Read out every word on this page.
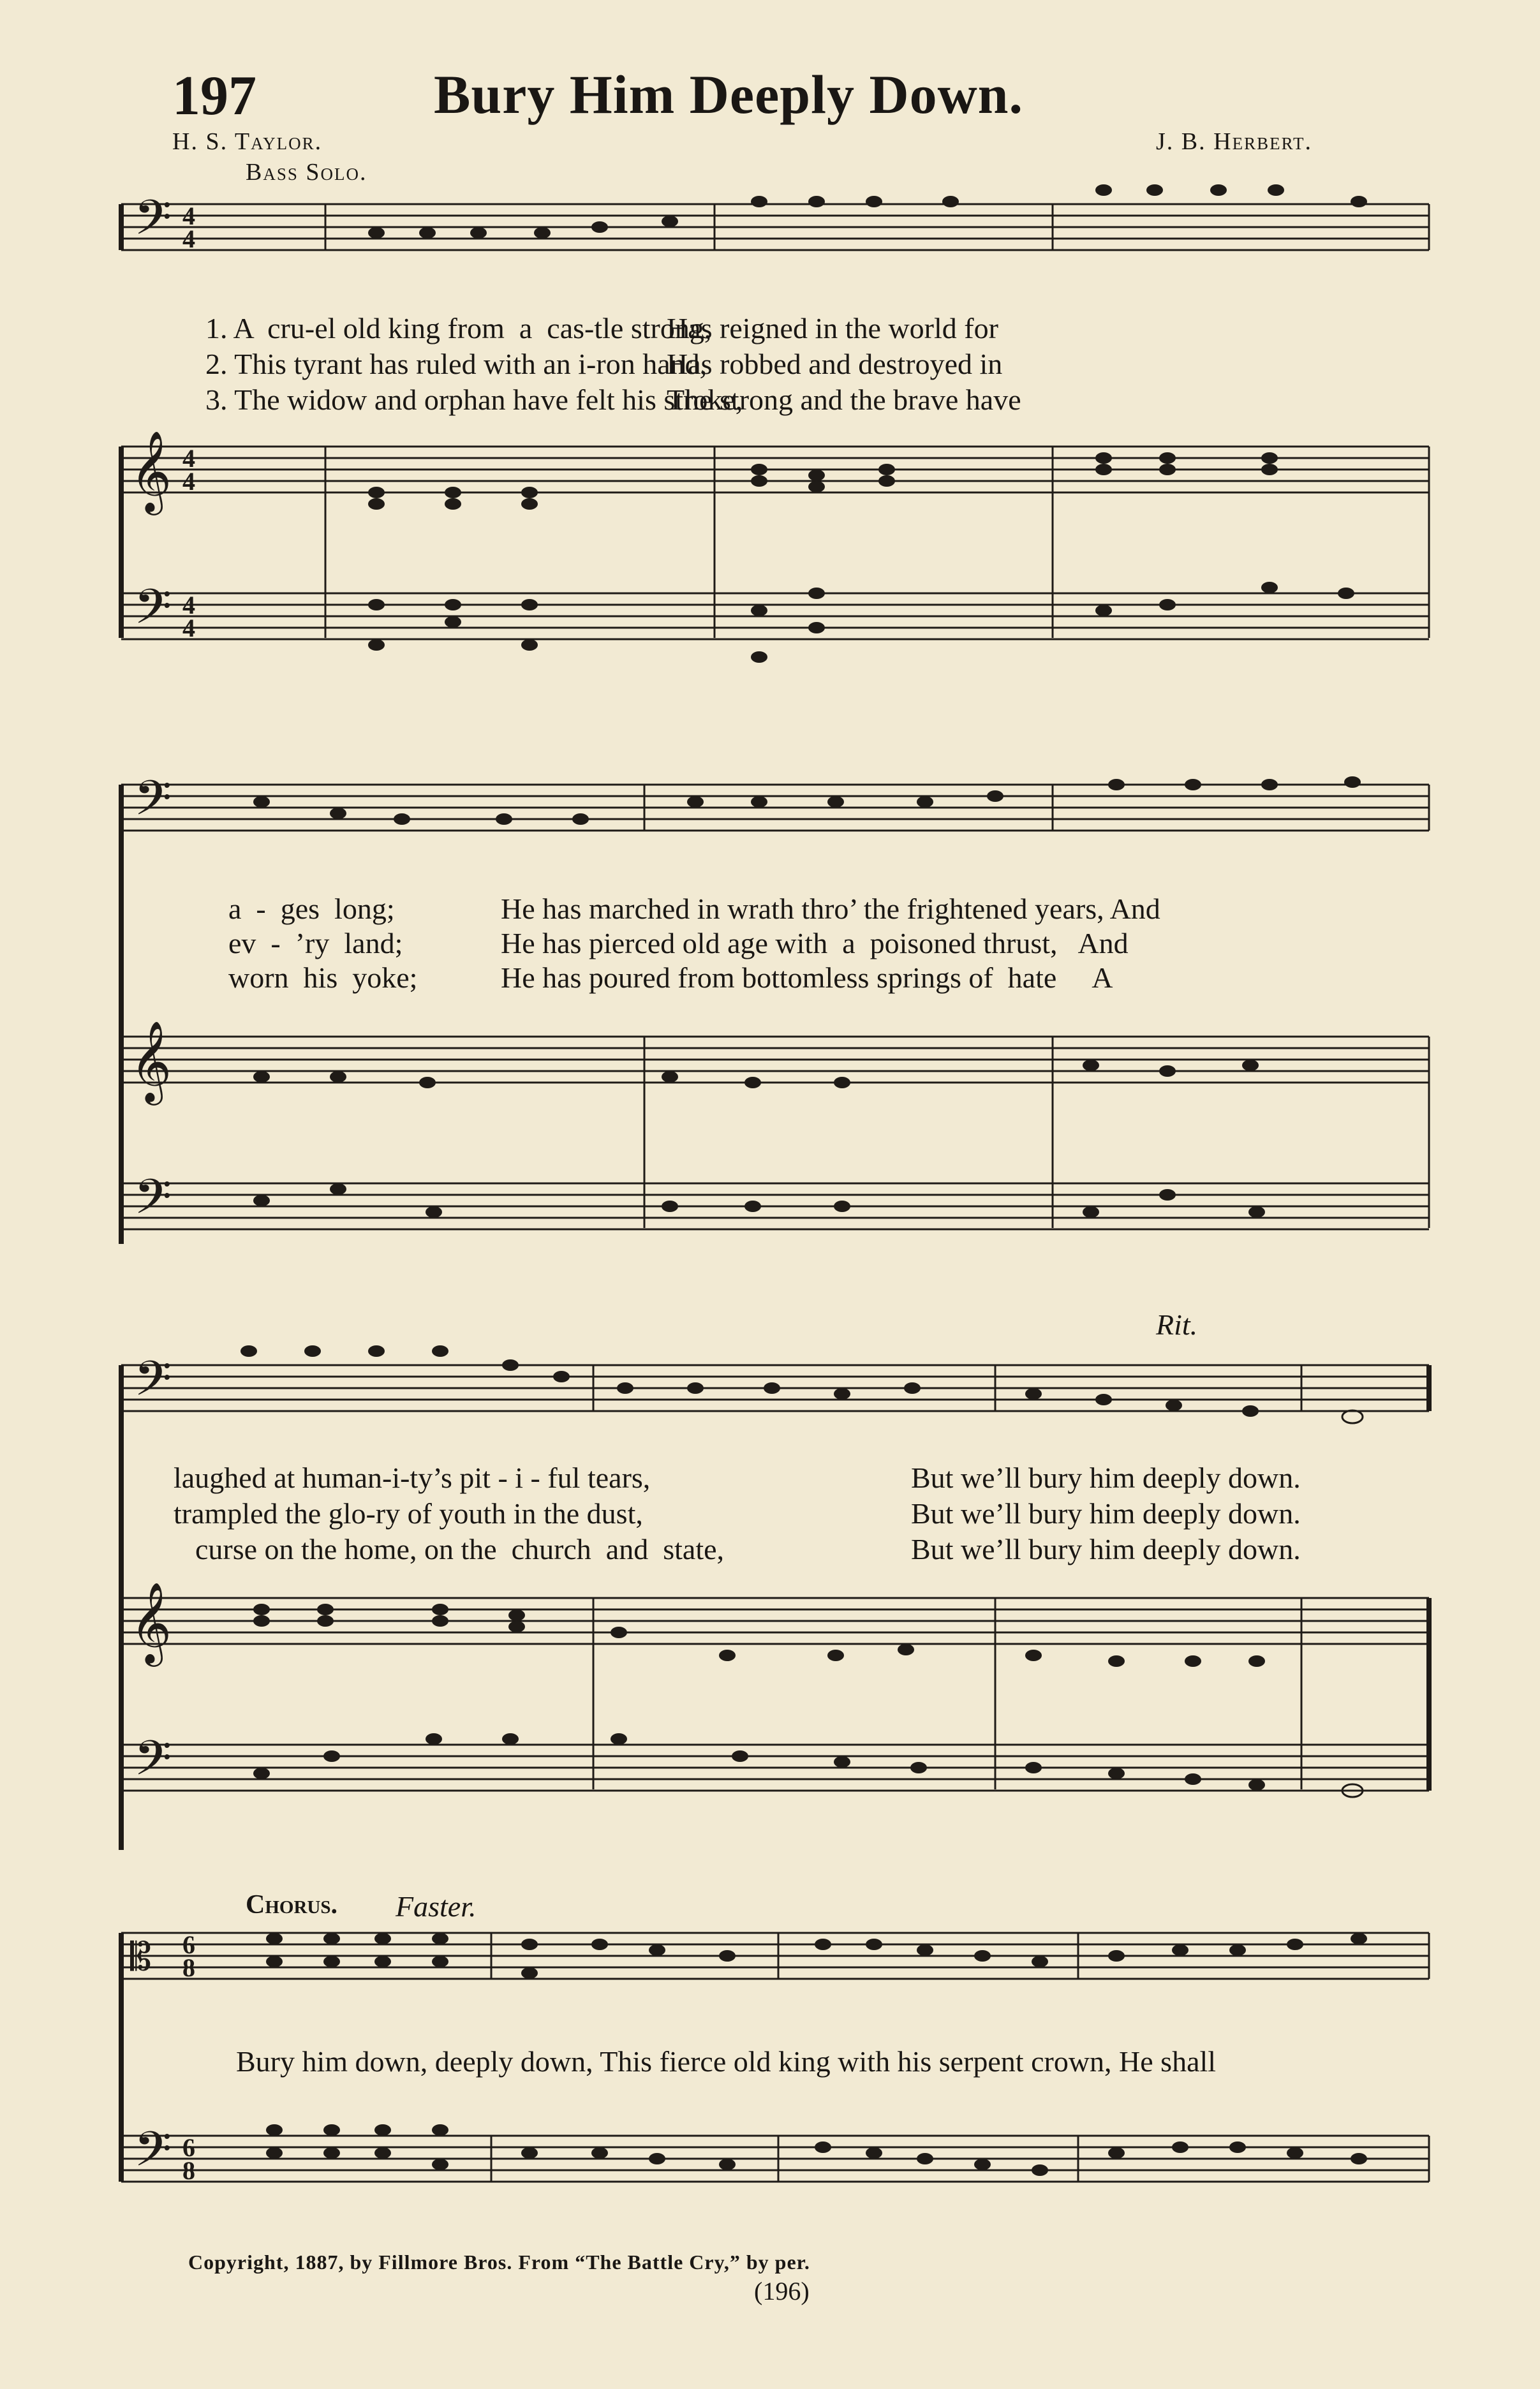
197	Bury Him Deeply Down.
H. S. Taylor.	J. B. Herbert.
Bass Solo.
𝄢 4
4
𝄞 4
4
𝄢 4
4
𝄢
𝄞
𝄢
𝄢
𝄞
𝄢
𝄡 6
8
𝄢 6
8
1. A  cru-el old king from  a  cas-tle strong,
Has reigned in the world for
2. This tyrant has ruled with an i-ron hand,
Has robbed and destroyed in
3. The widow and orphan have felt his stroke,
The strong and the brave have
a  -  ges  long;	He has marched in wrath thro’ the frightened years, And
ev  -  ’ry  land;	He has pierced old age with  a  poisoned thrust,   And
worn  his  yoke;	He has poured from bottomless springs of  hate     A
Rit.
laughed at human-i-ty’s pit - i - ful tears,	But we’ll bury him deeply down.
trampled the glo-ry of youth in the dust,	But we’ll bury him deeply down.
curse on the home, on the  church  and  state,	But we’ll bury him deeply down.
Chorus. Faster.
Bury him down, deeply down, This fierce old king with his serpent crown, He shall
Copyright, 1887, by Fillmore Bros. From “The Battle Cry,” by per.
(196)
